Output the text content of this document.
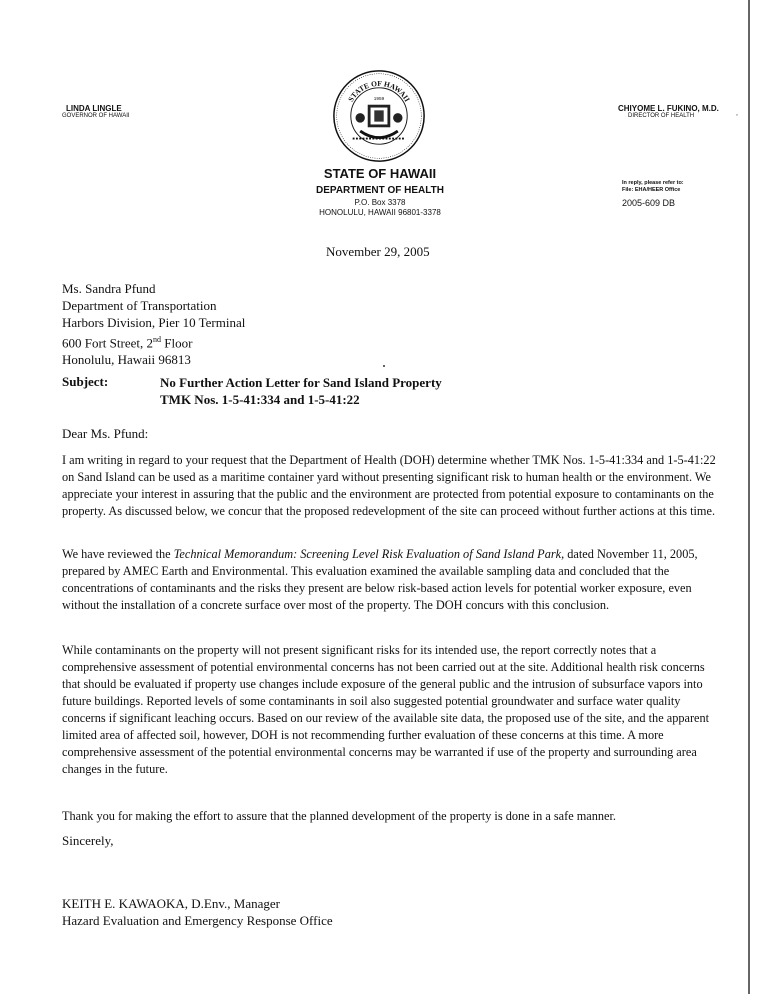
,
LINDA LINGLE
GOVERNOR OF HAWAII
CHIYOME L. FUKINO, M.D.
DIRECTOR OF HEALTH
STATE OF HAWAII
1959
STATE OF HAWAII
DEPARTMENT OF HEALTH
P.O. Box 3378
HONOLULU, HAWAII 96801-3378
In reply, please refer to:
File: EHA/HEER Office
2005-609 DB
November 29, 2005
Ms. Sandra Pfund
Department of Transportation
Harbors Division, Pier 10 Terminal
600 Fort Street, 2nd Floor
Honolulu, Hawaii 96813
Subject:	No Further Action Letter for Sand Island Property
TMK Nos. 1-5-41:334 and 1-5-41:22
Dear Ms. Pfund:
I am writing in regard to your request that the Department of Health (DOH) determine whether TMK Nos. 1-5-41:334 and 1-5-41:22 on Sand Island can be used as a maritime container yard without presenting significant risk to human health or the environment. We appreciate your interest in assuring that the public and the environment are protected from potential exposure to contaminants on the property. As discussed below, we concur that the proposed redevelopment of the site can proceed without further actions at this time.
We have reviewed the Technical Memorandum: Screening Level Risk Evaluation of Sand Island Park, dated November 11, 2005, prepared by AMEC Earth and Environmental. This evaluation examined the available sampling data and concluded that the concentrations of contaminants and the risks they present are below risk-based action levels for potential worker exposure, even without the installation of a concrete surface over most of the property. The DOH concurs with this conclusion.
While contaminants on the property will not present significant risks for its intended use, the report correctly notes that a comprehensive assessment of potential environmental concerns has not been carried out at the site. Additional health risk concerns that should be evaluated if property use changes include exposure of the general public and the intrusion of subsurface vapors into future buildings. Reported levels of some contaminants in soil also suggested potential groundwater and surface water quality concerns if significant leaching occurs. Based on our review of the available site data, the proposed use of the site, and the apparent limited area of affected soil, however, DOH is not recommending further evaluation of these concerns at this time. A more comprehensive assessment of the potential environmental concerns may be warranted if use of the property and surrounding area changes in the future.
Thank you for making the effort to assure that the planned development of the property is done in a safe manner.
Sincerely,
KEITH E. KAWAOKA, D.Env., Manager
Hazard Evaluation and Emergency Response Office
